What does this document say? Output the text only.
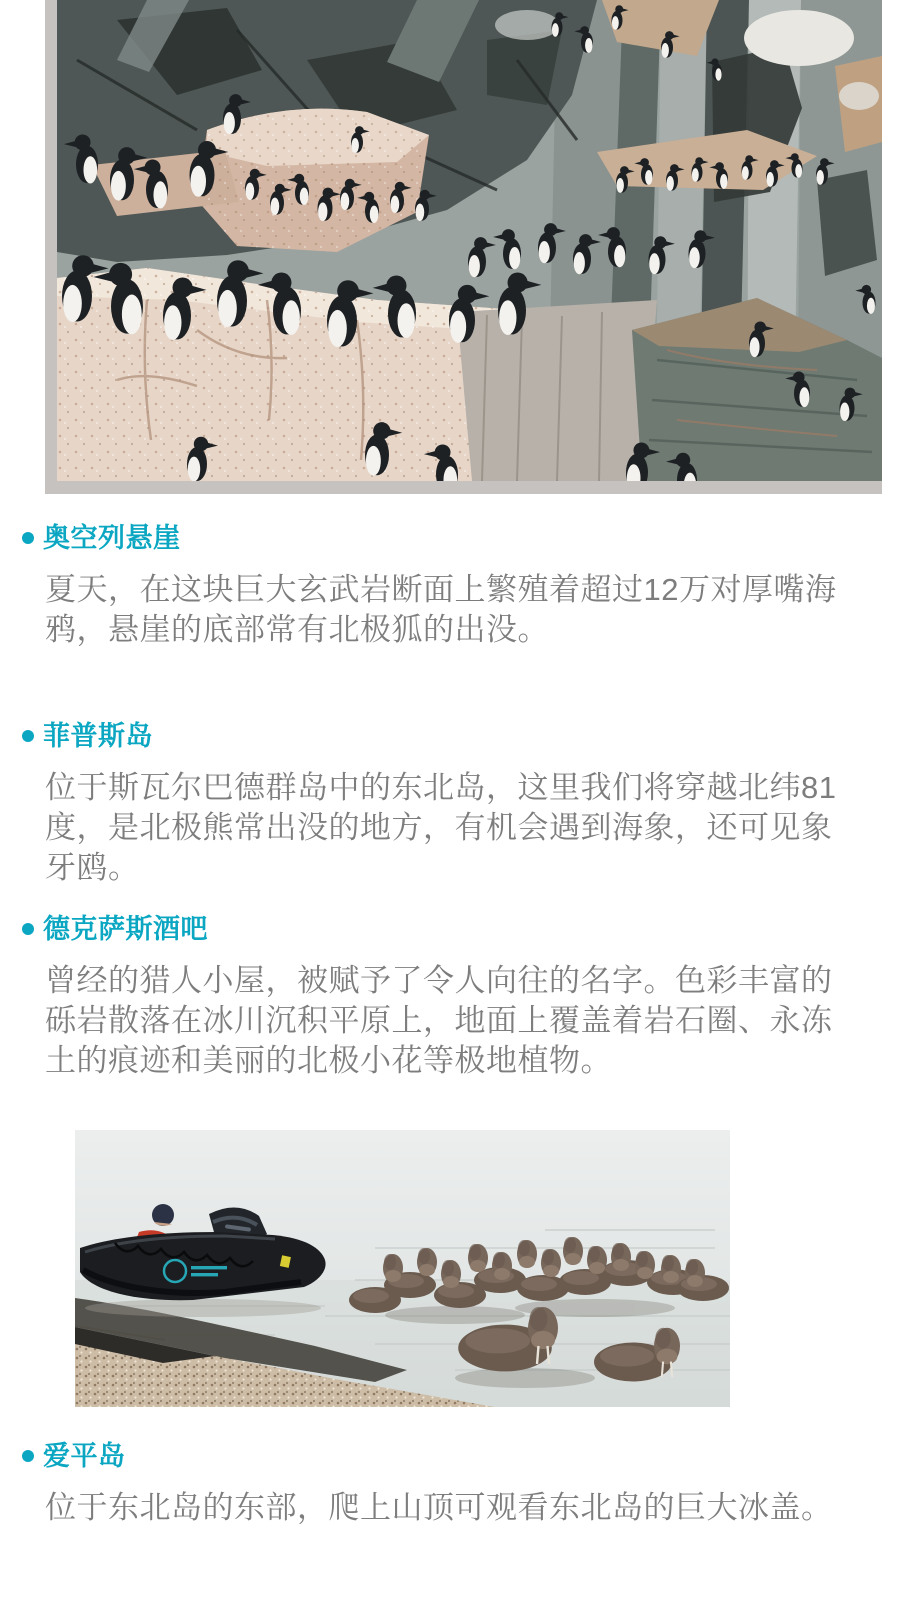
奥空列悬崖

夏天，在这块巨大玄武岩断面上繁殖着超过12万对厚嘴海鸦，悬崖的底部常有北极狐的出没。

菲普斯岛

位于斯瓦尔巴德群岛中的东北岛，这里我们将穿越北纬81度，是北极熊常出没的地方，有机会遇到海象，还可见象牙鸥。

德克萨斯酒吧

曾经的猎人小屋，被赋予了令人向往的名字。色彩丰富的砾岩散落在冰川沉积平原上，地面上覆盖着岩石圈、永冻土的痕迹和美丽的北极小花等极地植物。

爱平岛

位于东北岛的东部，爬上山顶可观看东北岛的巨大冰盖。
